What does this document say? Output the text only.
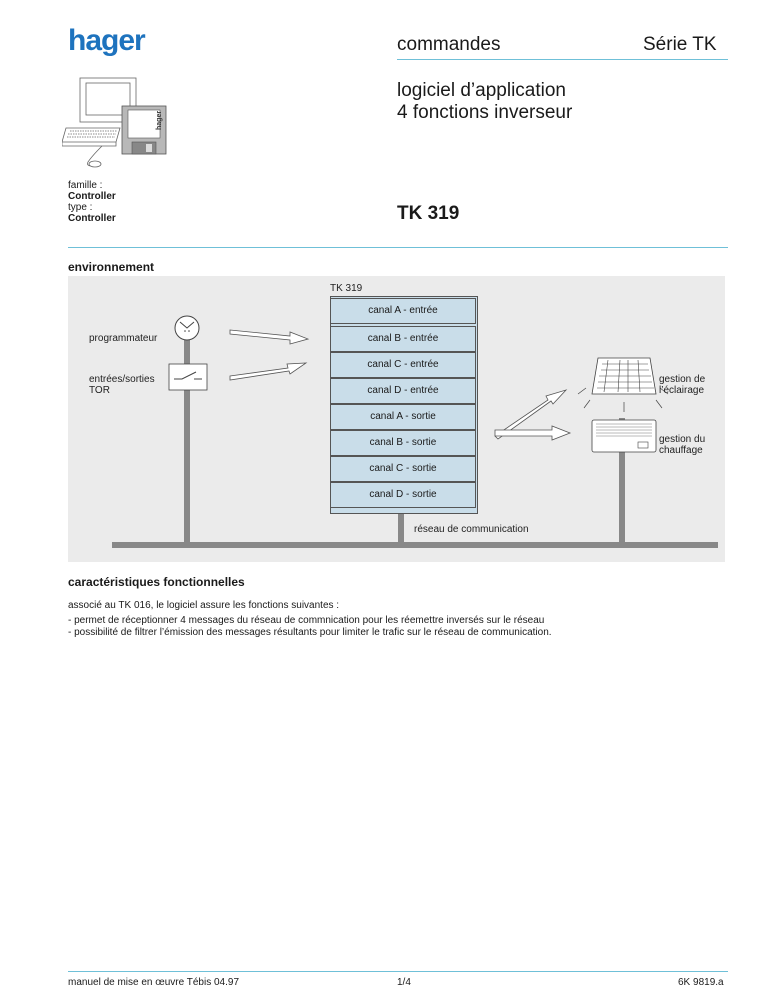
hager	commandes	Série TK
logiciel d’application
4 fonctions inverseur
hager
famille :
Controller
type :
Controller	TK 319
environnement
TK 319
programmateur
entrées/sorties
TOR
gestion de
l’éclairage
gestion du
chauffage
canal A - entrée
canal B - entrée
canal C - entrée
canal D - entrée
canal A - sortie
canal B - sortie
canal C - sortie
canal D - sortie
réseau de communication
caractéristiques fonctionnelles
associé au TK 016, le logiciel assure les fonctions suivantes :
- permet de réceptionner 4 messages du réseau de commnication pour les réemettre inversés sur le réseau
- possibilité de filtrer l’émission des messages résultants pour limiter le trafic sur le réseau de communication.
manuel de mise en œuvre Tébis 04.97	1/4	6K 9819.a
